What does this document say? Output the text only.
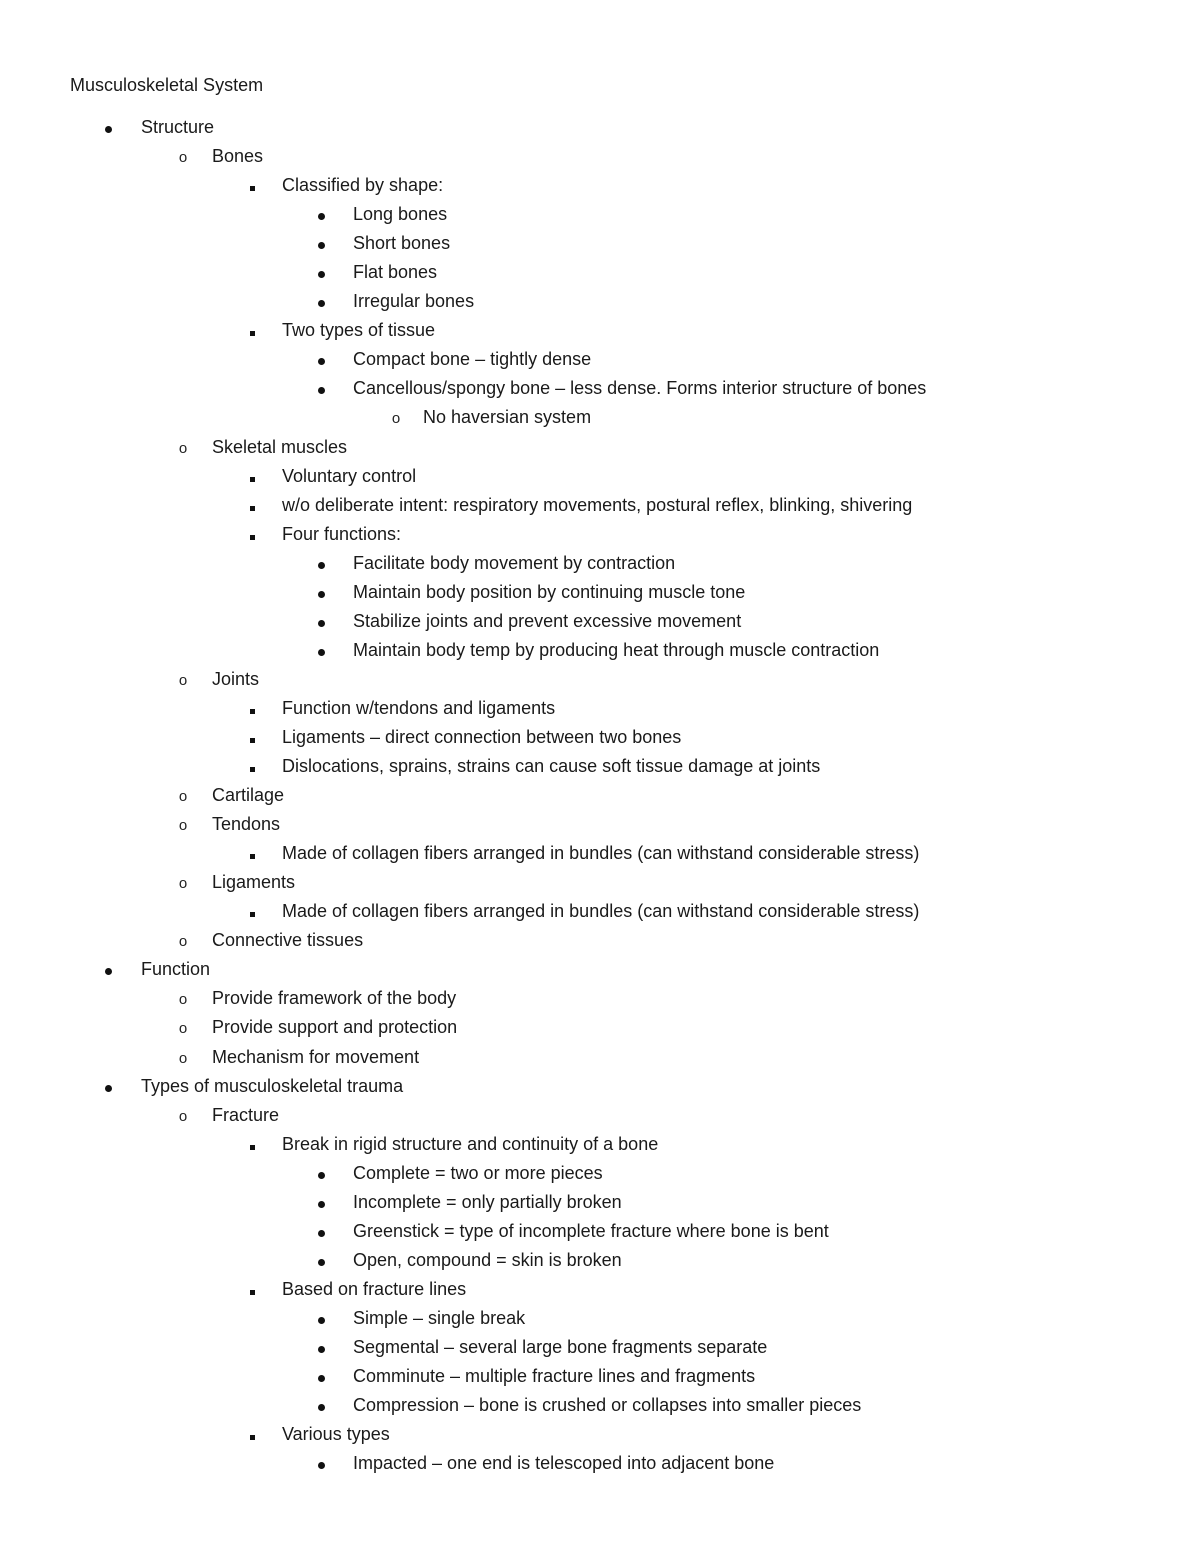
Musculoskeletal System
Structure
o	Bones
Classified by shape:
Long bones
Short bones
Flat bones
Irregular bones
Two types of tissue
Compact bone – tightly dense
Cancellous/spongy bone – less dense. Forms interior structure of bones
o	No haversian system
o	Skeletal muscles
Voluntary control
w/o deliberate intent: respiratory movements, postural reflex, blinking, shivering
Four functions:
Facilitate body movement by contraction
Maintain body position by continuing muscle tone
Stabilize joints and prevent excessive movement
Maintain body temp by producing heat through muscle contraction
o	Joints
Function w/tendons and ligaments
Ligaments – direct connection between two bones
Dislocations, sprains, strains can cause soft tissue damage at joints
o	Cartilage
o	Tendons
Made of collagen fibers arranged in bundles (can withstand considerable stress)
o	Ligaments
Made of collagen fibers arranged in bundles (can withstand considerable stress)
o	Connective tissues
Function
o	Provide framework of the body
o	Provide support and protection
o	Mechanism for movement
Types of musculoskeletal trauma
o	Fracture
Break in rigid structure and continuity of a bone
Complete = two or more pieces
Incomplete = only partially broken
Greenstick = type of incomplete fracture where bone is bent
Open, compound = skin is broken
Based on fracture lines
Simple – single break
Segmental – several large bone fragments separate
Comminute – multiple fracture lines and fragments
Compression – bone is crushed or collapses into smaller pieces
Various types
Impacted – one end is telescoped into adjacent bone
